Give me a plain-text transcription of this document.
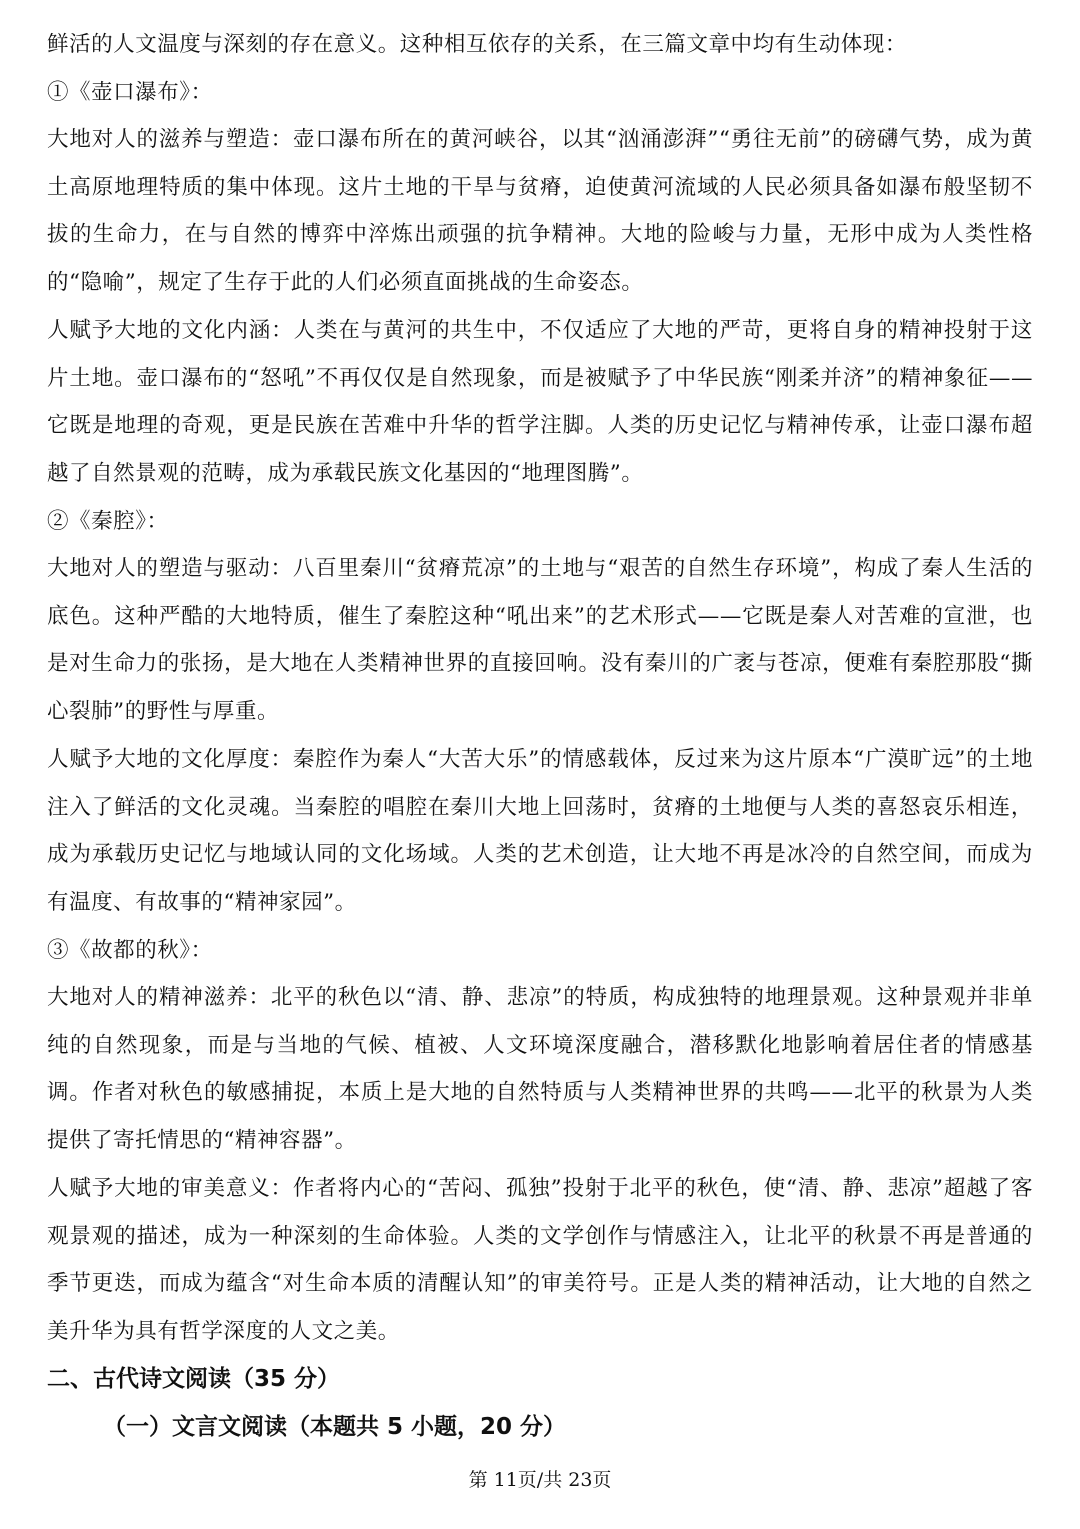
鲜活的人文温度与深刻的存在意义。这种相互依存的关系，在三篇文章中均有生动体现：
①《壶口瀑布》：
大地对人的滋养与塑造：壶口瀑布所在的黄河峡谷，以其“汹涌澎湃”“勇往无前”的磅礴气势，成为黄土高原地理特质的集中体现。这片土地的干旱与贫瘠，迫使黄河流域的人民必须具备如瀑布般坚韧不拔的生命力，在与自然的博弈中淬炼出顽强的抗争精神。大地的险峻与力量，无形中成为人类性格的“隐喻”，规定了生存于此的人们必须直面挑战的生命姿态。
人赋予大地的文化内涵：人类在与黄河的共生中，不仅适应了大地的严苛，更将自身的精神投射于这片土地。壶口瀑布的“怒吼”不再仅仅是自然现象，而是被赋予了中华民族“刚柔并济”的精神象征——它既是地理的奇观，更是民族在苦难中升华的哲学注脚。人类的历史记忆与精神传承，让壶口瀑布超越了自然景观的范畴，成为承载民族文化基因的“地理图腾”。
②《秦腔》：
大地对人的塑造与驱动：八百里秦川“贫瘠荒凉”的土地与“艰苦的自然生存环境”，构成了秦人生活的底色。这种严酷的大地特质，催生了秦腔这种“吼出来”的艺术形式——它既是秦人对苦难的宣泄，也是对生命力的张扬，是大地在人类精神世界的直接回响。没有秦川的广袤与苍凉，便难有秦腔那股“撕心裂肺”的野性与厚重。
人赋予大地的文化厚度：秦腔作为秦人“大苦大乐”的情感载体，反过来为这片原本“广漠旷远”的土地注入了鲜活的文化灵魂。当秦腔的唱腔在秦川大地上回荡时，贫瘠的土地便与人类的喜怒哀乐相连，成为承载历史记忆与地域认同的文化场域。人类的艺术创造，让大地不再是冰冷的自然空间，而成为有温度、有故事的“精神家园”。
③《故都的秋》：
大地对人的精神滋养：北平的秋色以“清、静、悲凉”的特质，构成独特的地理景观。这种景观并非单纯的自然现象，而是与当地的气候、植被、人文环境深度融合，潜移默化地影响着居住者的情感基调。作者对秋色的敏感捕捉，本质上是大地的自然特质与人类精神世界的共鸣——北平的秋景为人类提供了寄托情思的“精神容器”。
人赋予大地的审美意义：作者将内心的“苦闷、孤独”投射于北平的秋色，使“清、静、悲凉”超越了客观景观的描述，成为一种深刻的生命体验。人类的文学创作与情感注入，让北平的秋景不再是普通的季节更迭，而成为蕴含“对生命本质的清醒认知”的审美符号。正是人类的精神活动，让大地的自然之美升华为具有哲学深度的人文之美。
二、古代诗文阅读（35 分）
（一）文言文阅读（本题共 5 小题，20 分）
第 11页/共 23页
